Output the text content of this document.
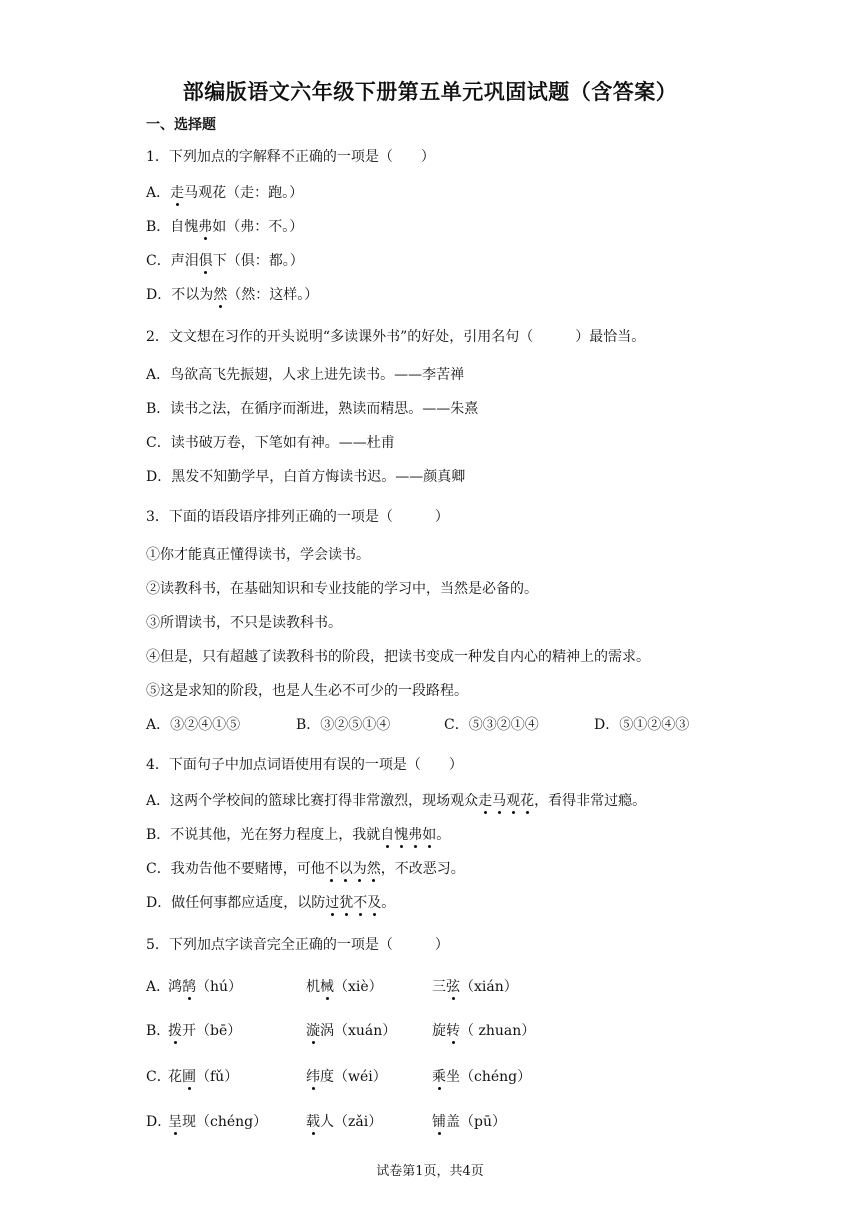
部编版语文六年级下册第五单元巩固试题（含答案）
一、选择题
1．下列加点的字解释不正确的一项是（　　）
A．走马观花（走：跑。）
B．自愧弗如（弗：不。）
C．声泪俱下（俱：都。）
D．不以为然（然：这样。）
2．文文想在习作的开头说明“多读课外书”的好处，引用名句（　　　）最恰当。
A．鸟欲高飞先振翅，人求上进先读书。——李苦禅
B．读书之法，在循序而渐进，熟读而精思。——朱熹
C．读书破万卷，下笔如有神。——杜甫
D．黑发不知勤学早，白首方悔读书迟。——颜真卿
3．下面的语段语序排列正确的一项是（　　　）
①你才能真正懂得读书，学会读书。
②读教科书，在基础知识和专业技能的学习中，当然是必备的。
③所谓读书，不只是读教科书。
④但是，只有超越了读教科书的阶段，把读书变成一种发自内心的精神上的需求。
⑤这是求知的阶段，也是人生必不可少的一段路程。
A．③②④①⑤	B．③②⑤①④	C．⑤③②①④	D．⑤①②④③
4．下面句子中加点词语使用有误的一项是（　　）
A．这两个学校间的篮球比赛打得非常激烈，现场观众走马观花，看得非常过瘾。
B．不说其他，光在努力程度上，我就自愧弗如。
C．我劝告他不要赌博，可他不以为然，不改恶习。
D．做任何事都应适度，以防过犹不及。
5．下列加点字读音完全正确的一项是（　　　）
A．
鸿鹄（hú）	机械（xiè）	三弦（xián）
B．
拨开（bē）	漩涡（xuán）	旋转（ zhuan）
C．
花圃（fǔ）	纬度（wéi）	乘坐（chéng）
D．
呈现（chéng）	载人（zǎi）	铺盖（pū）
试卷第1页，共4页
